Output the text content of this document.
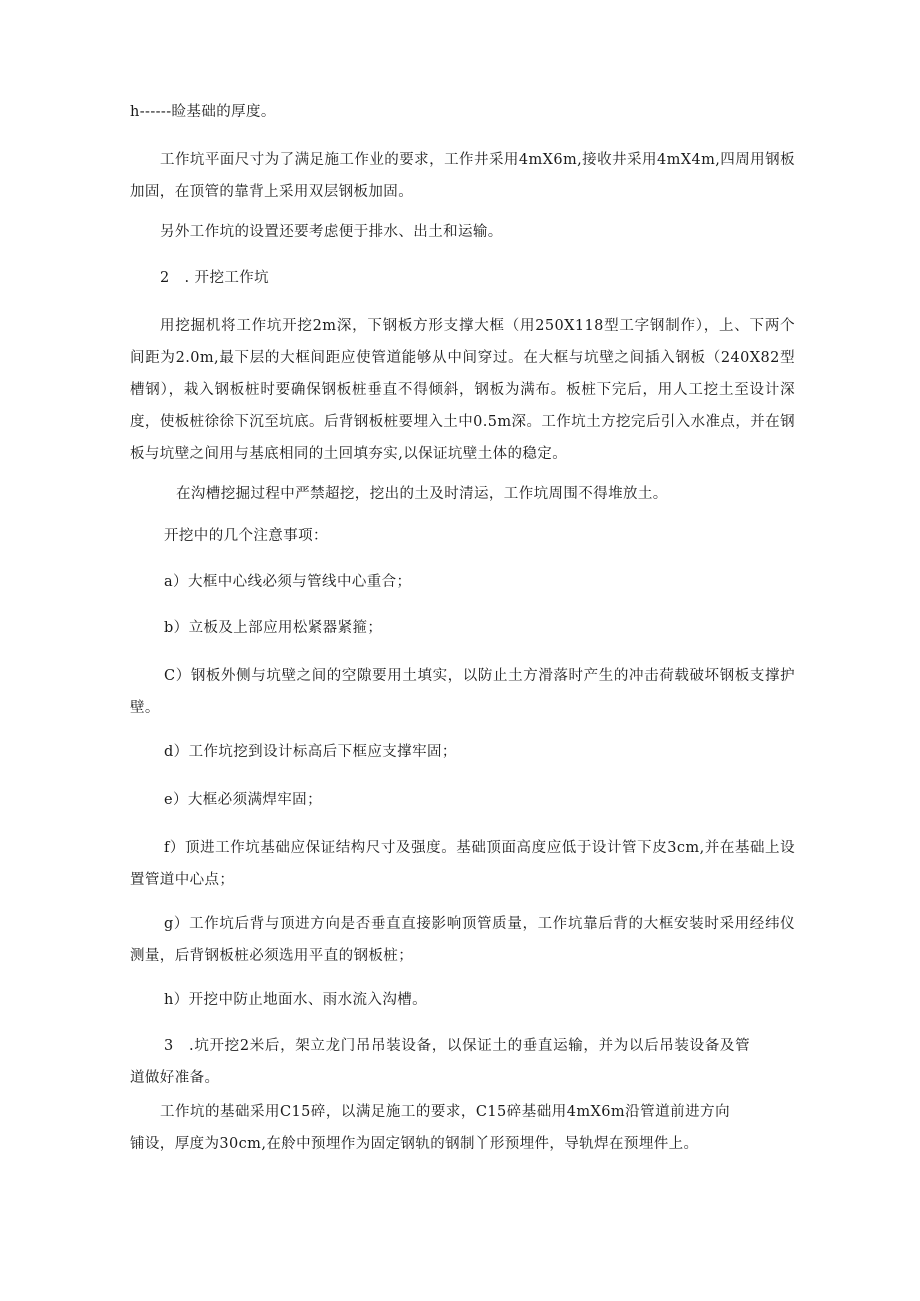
h------睑基础的厚度。

工作坑平面尺寸为了满足施工作业的要求，工作井采用4mX6m,接收井采用4mX4m,四周用钢板加固，在顶管的靠背上采用双层钢板加固。

另外工作坑的设置还要考虑便于排水、出土和运输。

2　. 开挖工作坑

用挖掘机将工作坑开挖2m深，下钢板方形支撑大框（用250X118型工字钢制作），上、下两个间距为2.0m,最下层的大框间距应使管道能够从中间穿过。在大框与坑壁之间插入钢板（240X82型槽钢），栽入钢板桩时要确保钢板桩垂直不得倾斜，钢板为满布。板桩下完后，用人工挖土至设计深度，使板桩徐徐下沉至坑底。后背钢板桩要埋入土中0.5m深。工作坑土方挖完后引入水准点，并在钢板与坑壁之间用与基底相同的土回填夯实,以保证坑壁土体的稳定。

在沟槽挖掘过程中严禁超挖，挖出的土及时清运，工作坑周围不得堆放土。

开挖中的几个注意事项：

a）大框中心线必须与管线中心重合；

b）立板及上部应用松紧器紧箍；

C）钢板外侧与坑壁之间的空隙要用土填实，以防止土方滑落时产生的冲击荷载破坏钢板支撑护壁。

d）工作坑挖到设计标高后下框应支撑牢固；

e）大框必须满焊牢固；

f）顶进工作坑基础应保证结构尺寸及强度。基础顶面高度应低于设计管下皮3cm,并在基础上设置管道中心点；

g）工作坑后背与顶进方向是否垂直直接影响顶管质量，工作坑靠后背的大框安装时采用经纬仪测量，后背钢板桩必须选用平直的钢板桩；

h）开挖中防止地面水、雨水流入沟槽。

3　.坑开挖2米后，架立龙门吊吊装设备，以保证土的垂直运输，并为以后吊装设备及管道做好准备。

工作坑的基础采用C15碎，以满足施工的要求，C15碎基础用4mX6m沿管道前进方向铺设，厚度为30cm,在舲中预埋作为固定钢轨的钢制丫形预埋件，导轨焊在预埋件上。
